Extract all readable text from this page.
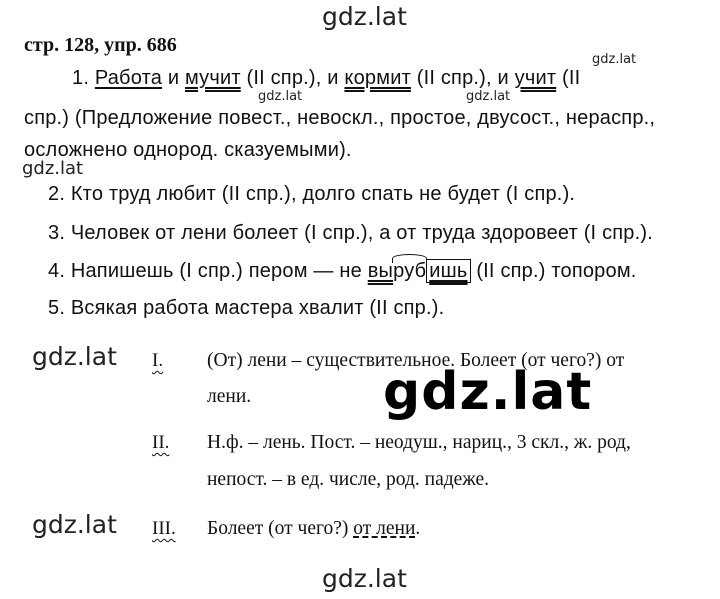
gdz.lat
gdz.lat
gdz.lat	gdz.lat
gdz.lat
gdz.lat
gdz.lat
gdz.lat
gdz.lat
стр. 128, упр. 686
1. Работа и мучит (II спр.), и кормит (II спр.), и учит (II
спр.) (Предложение повест., невоскл., простое, двусост., нераспр.,
осложнено однород. сказуемыми).
2. Кто труд любит (II спр.), долго спать не будет (I спр.).
3. Человек от лени болеет (I спр.), а от труда здоровеет (I спр.).
4. Напишешь (I спр.) пером — не выруб ишь (II спр.) топором.
5. Всякая работа мастера хвалит (II спр.).
I. (От) лени – существительное. Болеет (от чего?) от
лени.
II. Н.ф. – лень. Пост. – неодуш., нариц., 3 скл., ж. род,
непост. – в ед. числе, род. падеже.
III. Болеет (от чего?) от лени.
